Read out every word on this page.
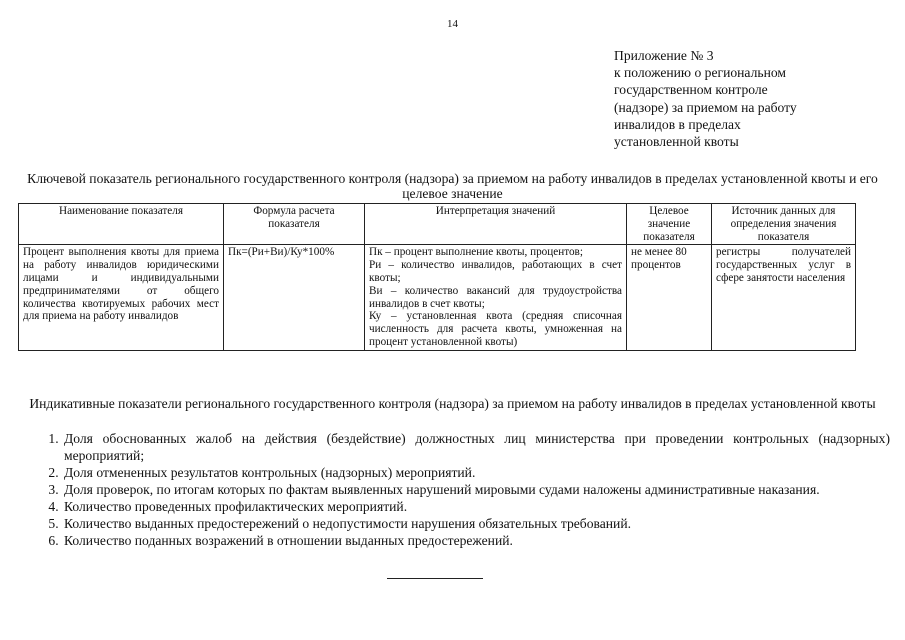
14
Приложение № 3
к положению о региональном
государственном контроле
(надзоре) за приемом на работу
инвалидов в пределах
установленной квоты
Ключевой показатель регионального государственного контроля (надзора) за приемом на работу инвалидов в пределах установленной квоты и его целевое значение
Наименование показателя	Формула расчета показателя	Интерпретация значений	Целевое значение показателя	Источник данных для определения значения показателя
Процент выполнения квоты для приема на работу инвалидов юридическими лицами и индивидуальными предпринимателями от общего количества квотируемых рабочих мест для приема на работу инвалидов	Пк=(Ри+Ви)/Ку*100%	Пк – процент выполнение квоты, процентов;
Ри – количество инвалидов, работающих в счет квоты;
Ви – количество вакансий для трудоустройства инвалидов в счет квоты;
Ку – установленная квота (средняя списочная численность для расчета квоты, умноженная на процент установленной квоты)	не менее 80 процентов	регистры получателей государственных услуг в сфере занятости населения
Индикативные показатели регионального государственного контроля (надзора) за приемом на работу инвалидов в пределах установленной квоты
1. Доля обоснованных жалоб на действия (бездействие) должностных лиц министерства при проведении контрольных (надзорных) мероприятий;
2. Доля отмененных результатов контрольных (надзорных) мероприятий.
3. Доля проверок, по итогам которых по фактам выявленных нарушений мировыми судами наложены административные наказания.
4. Количество проведенных профилактических мероприятий.
5. Количество выданных предостережений о недопустимости нарушения обязательных требований.
6. Количество поданных возражений в отношении выданных предостережений.
